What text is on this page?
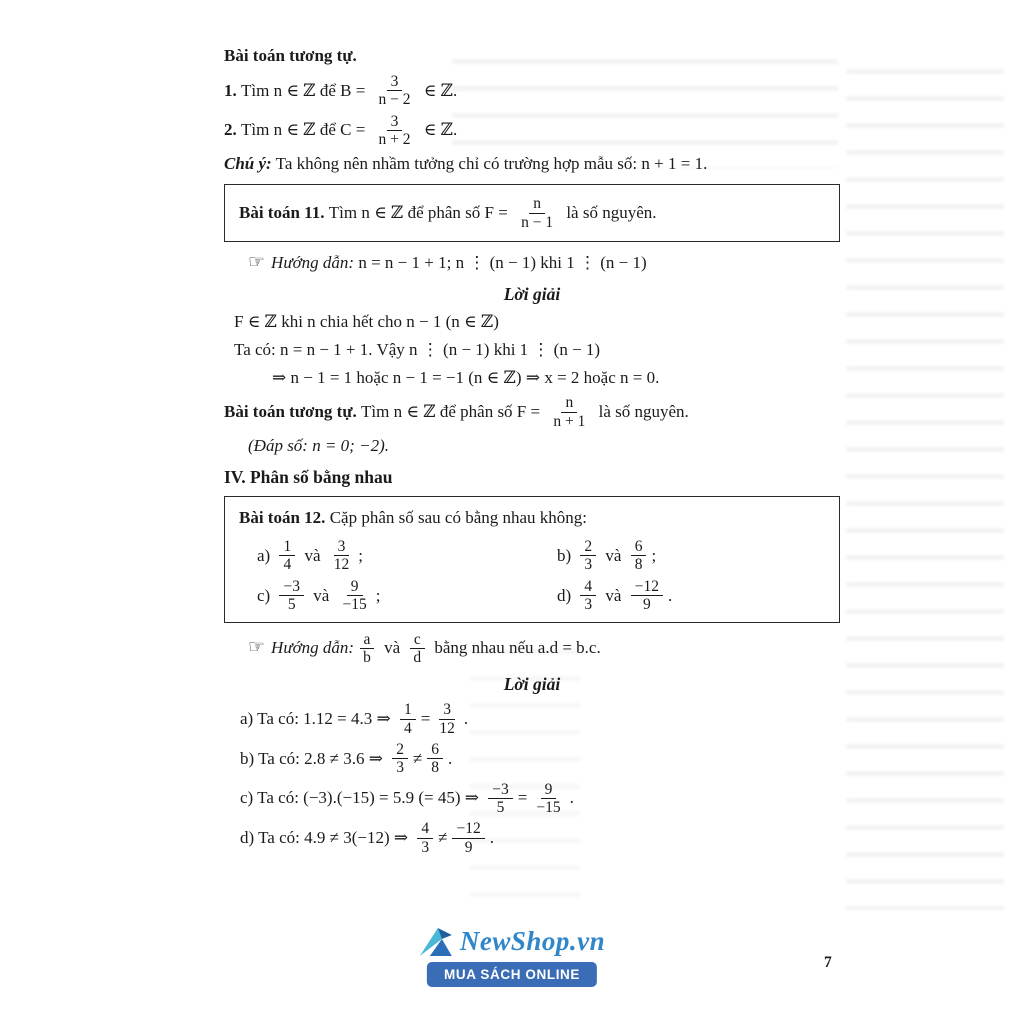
Bài toán tương tự.
1. Tìm n ∈ ℤ để $B = \frac{3}{n - 2}$ ∈ ℤ.
2. Tìm n ∈ ℤ để $C = \frac{3}{n + 2}$ ∈ ℤ.
Chú ý: Ta không nên nhầm tưởng chỉ có trường hợp mẫu số: n + 1 = 1.
Bài toán 11. Tìm n ∈ ℤ để phân số $F = \frac{n}{n - 1}$ là số nguyên.
☞ Hướng dẫn: n = n − 1 + 1; n ⋮ (n − 1) khi 1 ⋮ (n − 1)
Lời giải
F ∈ ℤ khi n chia hết cho n − 1 (n ∈ ℤ)
Ta có: n = n − 1 + 1. Vậy n ⋮ (n − 1) khi 1 ⋮ (n − 1)
⇒ n − 1 = 1 hoặc n − 1 = −1 (n ∈ ℤ) ⇒ x = 2 hoặc n = 0.
Bài toán tương tự. Tìm n ∈ ℤ để phân số $F = \frac{n}{n + 1}$ là số nguyên.
(Đáp số: n = 0; −2).
IV. Phân số bằng nhau
Bài toán 12. Cặp phân số sau có bằng nhau không:
$a) \frac{1}{4}$ và $\frac{3}{12}$ ;	$b) \frac{2}{3}$ và $\frac{6}{8}$ ;
$c) \frac{-3}{5}$ và $\frac{9}{-15}$ ;	$d) \frac{4}{3}$ và $\frac{-12}{9}$ .
☞ Hướng dẫn: $\frac{a}{b}$ và $\frac{c}{d}$ bằng nhau nếu a.d = b.c.
Lời giải
a) Ta có: 1.12 = 4.3 ⇒ $\frac{1}{4} = \frac{3}{12}$ .
b) Ta có: 2.8 ≠ 3.6 ⇒ $\frac{2}{3} \ne \frac{6}{8}$ .
c) Ta có: (−3).(−15) = 5.9 (= 45) ⇒ $\frac{-3}{5} = \frac{9}{-15}$ .
d) Ta có: 4.9 ≠ 3(−12) ⇒ $\frac{4}{3} \ne \frac{-12}{9}$ .
NewShop.vn
MUA SÁCH ONLINE
7
